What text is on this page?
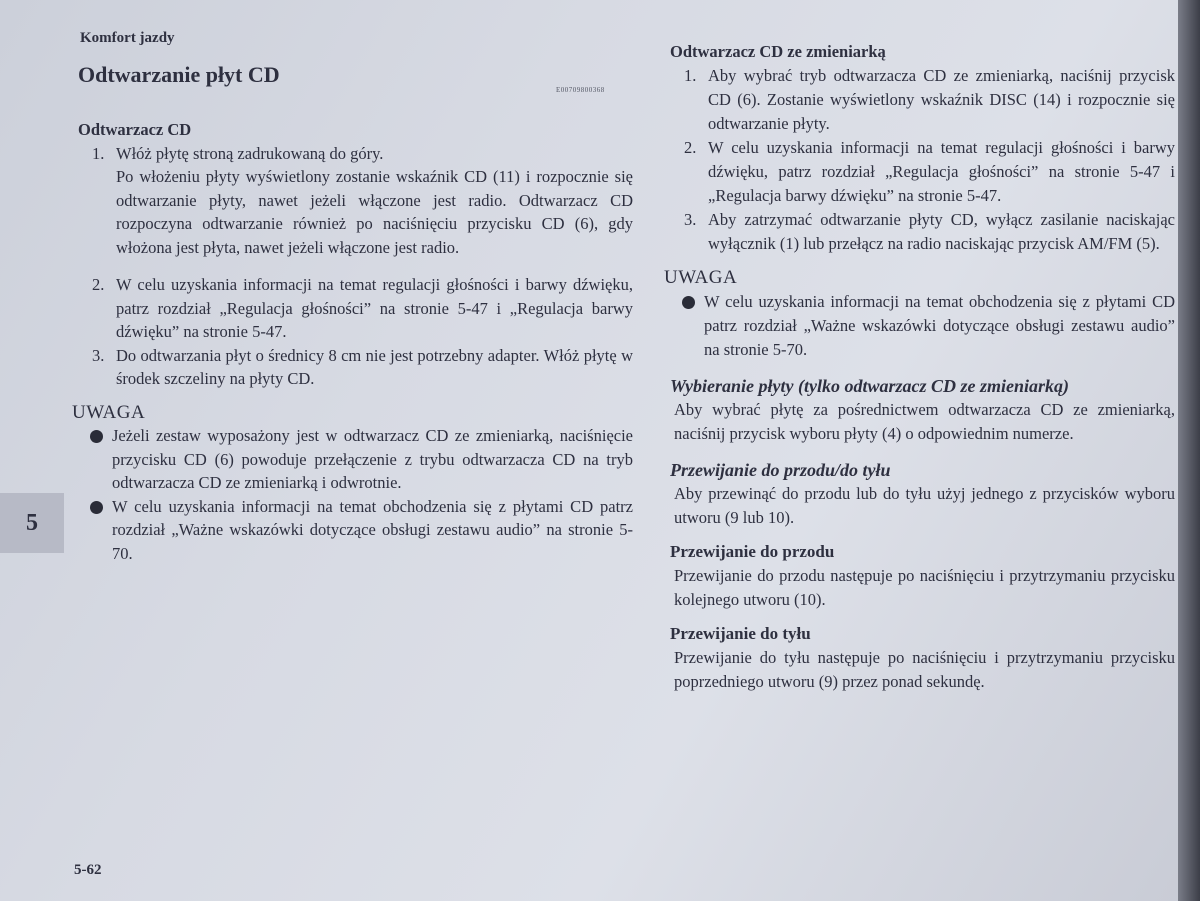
Komfort jazdy
Odtwarzanie płyt CD
E00709800368
Odtwarzacz CD
1. Włóż płytę stroną zadrukowaną do góry.
Po włożeniu płyty wyświetlony zostanie wskaźnik CD (11) i rozpocznie się odtwarzanie płyty, nawet jeżeli włączone jest radio. Odtwarzacz CD rozpoczyna odtwarzanie również po naciśnięciu przycisku CD (6), gdy włożona jest płyta, nawet jeżeli włączone jest radio.
2. W celu uzyskania informacji na temat regulacji głośności i barwy dźwięku, patrz rozdział „Regulacja głośności” na stronie 5-47 i „Regulacja barwy dźwięku” na stronie 5-47.
3. Do odtwarzania płyt o średnicy 8 cm nie jest potrzebny adapter. Włóż płytę w środek szczeliny na płyty CD.
UWAGA
Jeżeli zestaw wyposażony jest w odtwarzacz CD ze zmieniarką, naciśnięcie przycisku CD (6) powoduje przełączenie z trybu odtwarzacza CD na tryb odtwarzacza CD ze zmieniarką i odwrotnie.
W celu uzyskania informacji na temat obchodzenia się z płytami CD patrz rozdział „Ważne wskazówki dotyczące obsługi zestawu audio” na stronie 5-70.
Odtwarzacz CD ze zmieniarką
1. Aby wybrać tryb odtwarzacza CD ze zmieniarką, naciśnij przycisk CD (6). Zostanie wyświetlony wskaźnik DISC (14) i rozpocznie się odtwarzanie płyty.
2. W celu uzyskania informacji na temat regulacji głośności i barwy dźwięku, patrz rozdział „Regulacja głośności” na stronie 5-47 i „Regulacja barwy dźwięku” na stronie 5-47.
3. Aby zatrzymać odtwarzanie płyty CD, wyłącz zasilanie naciskając wyłącznik (1) lub przełącz na radio naciskając przycisk AM/FM (5).
UWAGA
W celu uzyskania informacji na temat obchodzenia się z płytami CD patrz rozdział „Ważne wskazówki dotyczące obsługi zestawu audio” na stronie 5-70.
Wybieranie płyty (tylko odtwarzacz CD ze zmieniarką)
Aby wybrać płytę za pośrednictwem odtwarzacza CD ze zmieniarką, naciśnij przycisk wyboru płyty (4) o odpowiednim numerze.
Przewijanie do przodu/do tyłu
Aby przewinąć do przodu lub do tyłu użyj jednego z przycisków wyboru utworu (9 lub 10).
Przewijanie do przodu
Przewijanie do przodu następuje po naciśnięciu i przytrzymaniu przycisku kolejnego utworu (10).
Przewijanie do tyłu
Przewijanie do tyłu następuje po naciśnięciu i przytrzymaniu przycisku poprzedniego utworu (9) przez ponad sekundę.
5
5-62
